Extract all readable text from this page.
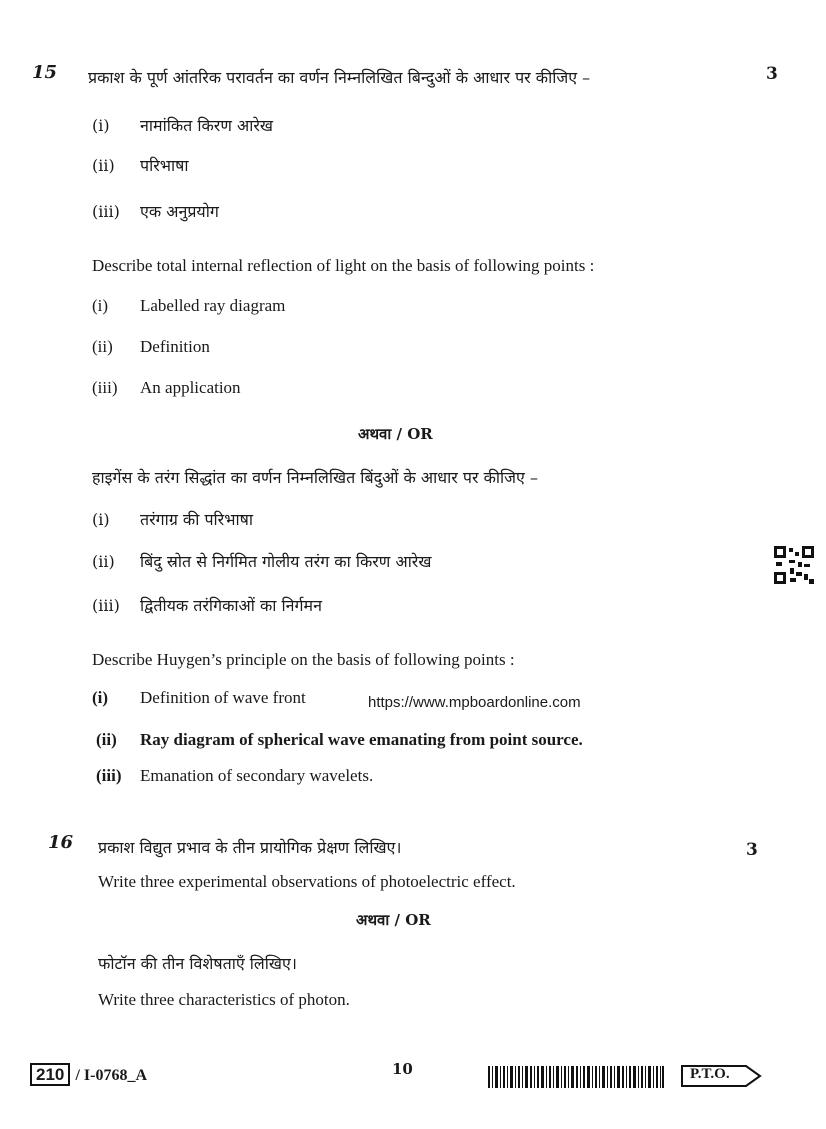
15 प्रकाश के पूर्ण आंतरिक परावर्तन का वर्णन निम्नलिखित बिन्दुओं के आधार पर कीजिए –	3
(i) नामांकित किरण आरेख
(ii) परिभाषा
(iii) एक अनुप्रयोग
Describe total internal reflection of light on the basis of following points :
(i) Labelled ray diagram
(ii) Definition
(iii) An application
अथवा / OR
हाइगेंस के तरंग सिद्धांत का वर्णन निम्नलिखित बिंदुओं के आधार पर कीजिए –
(i) तरंगाग्र की परिभाषा
(ii) बिंदु स्रोत से निर्गमित गोलीय तरंग का किरण आरेख
(iii) द्वितीयक तरंगिकाओं का निर्गमन
Describe Huygen’s principle on the basis of following points :
(i) Definition of wave front	https://www.mpboardonline.com
(ii) Ray diagram of spherical wave emanating from point source.
(iii) Emanation of secondary wavelets.
16 प्रकाश विद्युत प्रभाव के तीन प्रायोगिक प्रेक्षण लिखिए।	3
Write three experimental observations of photoelectric effect.
अथवा / OR
फोटॉन की तीन विशेषताएँ लिखिए।
Write three characteristics of photon.
210 / I-0768_A	10	P.T.O.
